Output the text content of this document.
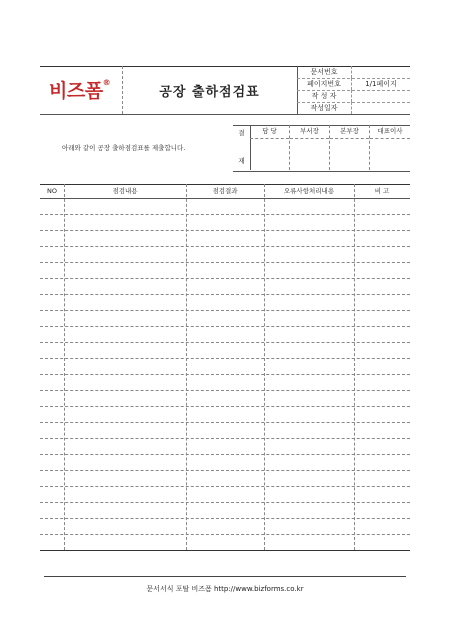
비즈폼®
공장 출하점검표
문서번호
페이지번호	1/1페이지
작 성 자
작성일자
아래와 같이 공장 출하점검표를 제출합니다.
결
재
담 당	부서장	본부장	대표이사
NO	점검내용	점검결과	오류사항처리내용	비 고
문서서식 포탈 비즈폼 http://www.bizforms.co.kr
